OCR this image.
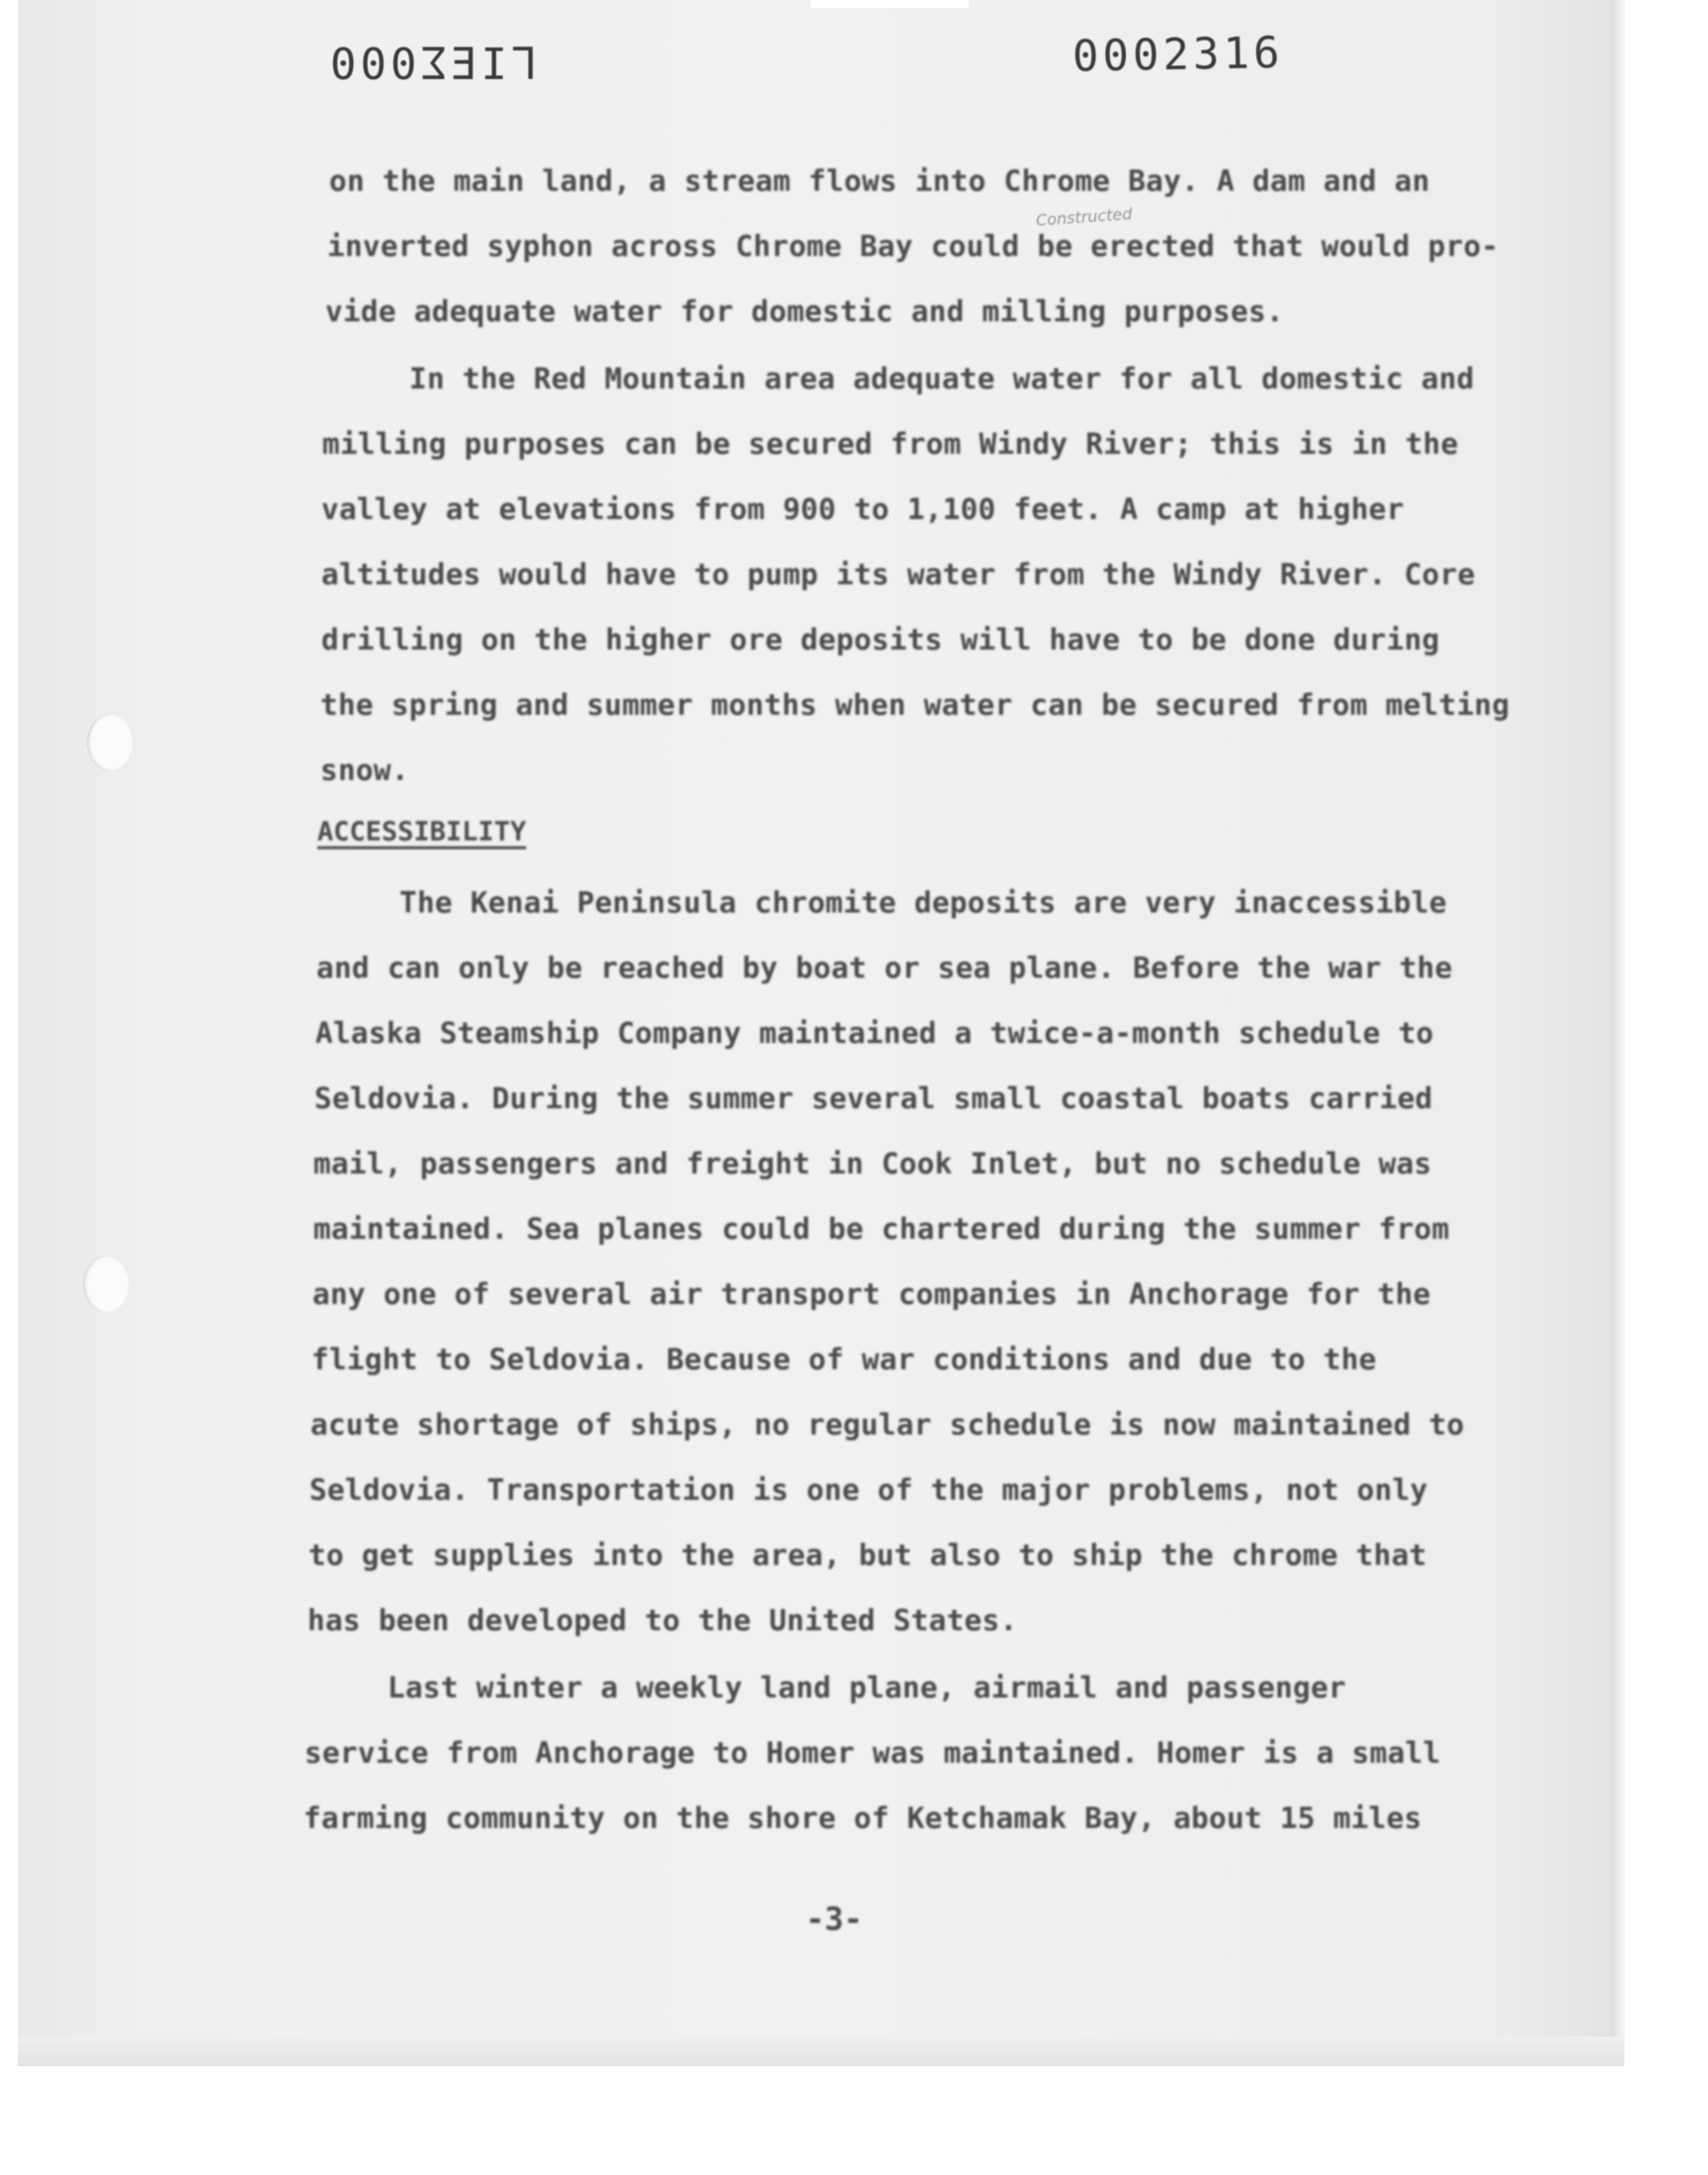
ΓIΕΣ000	0002316
Constructed
on the main land, a stream flows into Chrome Bay. A dam and an
inverted syphon across Chrome Bay could be erected that would pro-
vide adequate water for domestic and milling purposes.
In the Red Mountain area adequate water for all domestic and
milling purposes can be secured from Windy River; this is in the
valley at elevations from 900 to 1,100 feet. A camp at higher
altitudes would have to pump its water from the Windy River. Core
drilling on the higher ore deposits will have to be done during
the spring and summer months when water can be secured from melting
snow.
ACCESSIBILITY
The Kenai Peninsula chromite deposits are very inaccessible
and can only be reached by boat or sea plane. Before the war the
Alaska Steamship Company maintained a twice-a-month schedule to
Seldovia. During the summer several small coastal boats carried
mail, passengers and freight in Cook Inlet, but no schedule was
maintained. Sea planes could be chartered during the summer from
any one of several air transport companies in Anchorage for the
flight to Seldovia. Because of war conditions and due to the
acute shortage of ships, no regular schedule is now maintained to
Seldovia. Transportation is one of the major problems, not only
to get supplies into the area, but also to ship the chrome that
has been developed to the United States.
Last winter a weekly land plane, airmail and passenger
service from Anchorage to Homer was maintained. Homer is a small
farming community on the shore of Ketchamak Bay, about 15 miles
-3-
